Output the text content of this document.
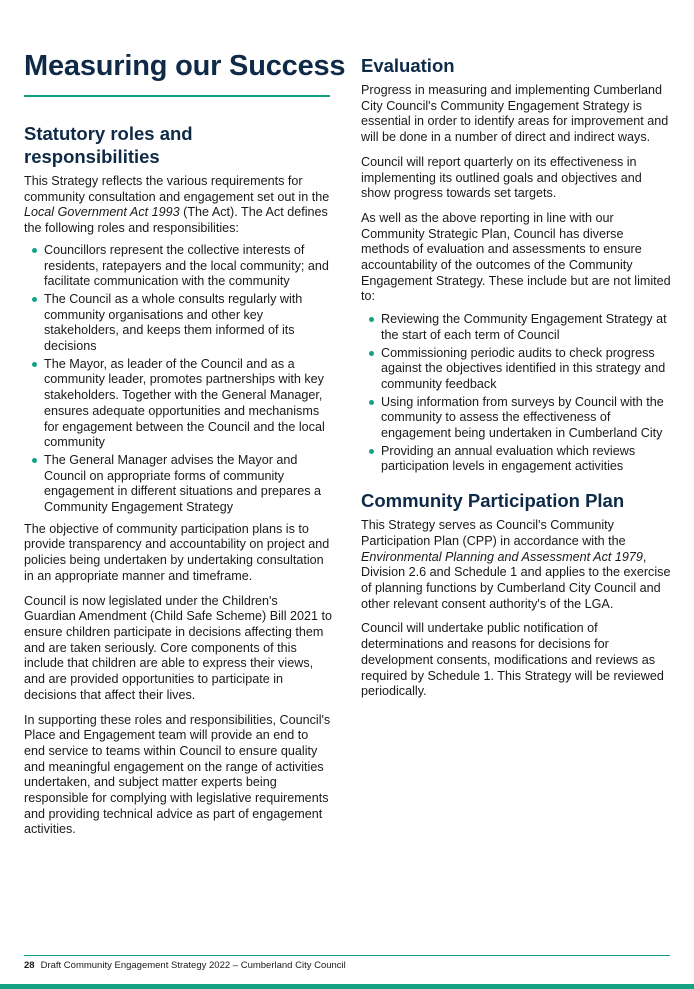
Measuring our Success
Statutory roles and responsibilities

This Strategy reflects the various requirements for community consultation and engagement set out in the Local Government Act 1993 (The Act). The Act defines the following roles and responsibilities:

Councillors represent the collective interests of residents, ratepayers and the local community; and facilitate communication with the community
The Council as a whole consults regularly with community organisations and other key stakeholders, and keeps them informed of its decisions
The Mayor, as leader of the Council and as a community leader, promotes partnerships with key stakeholders. Together with the General Manager, ensures adequate opportunities and mechanisms for engagement between the Council and the local community
The General Manager advises the Mayor and Council on appropriate forms of community engagement in different situations and prepares a Community Engagement Strategy

The objective of community participation plans is to provide transparency and accountability on project and policies being undertaken by undertaking consultation in an appropriate manner and timeframe.

Council is now legislated under the Children's Guardian Amendment (Child Safe Scheme) Bill 2021 to ensure children participate in decisions affecting them and are taken seriously. Core components of this include that children are able to express their views, and are provided opportunities to participate in decisions that affect their lives.

In supporting these roles and responsibilities, Council's Place and Engagement team will provide an end to end service to teams within Council to ensure quality and meaningful engagement on the range of activities undertaken, and subject matter experts being responsible for complying with legislative requirements and providing technical advice as part of engagement activities.

Evaluation

Progress in measuring and implementing Cumberland City Council's Community Engagement Strategy is essential in order to identify areas for improvement and will be done in a number of direct and indirect ways.

Council will report quarterly on its effectiveness in implementing its outlined goals and objectives and show progress towards set targets.

As well as the above reporting in line with our Community Strategic Plan, Council has diverse methods of evaluation and assessments to ensure accountability of the outcomes of the Community Engagement Strategy. These include but are not limited to:

Reviewing the Community Engagement Strategy at the start of each term of Council
Commissioning periodic audits to check progress against the objectives identified in this strategy and community feedback
Using information from surveys by Council with the community to assess the effectiveness of engagement being undertaken in Cumberland City
Providing an annual evaluation which reviews participation levels in engagement activities
Community Participation Plan

This Strategy serves as Council's Community Participation Plan (CPP) in accordance with the Environmental Planning and Assessment Act 1979, Division 2.6 and Schedule 1 and applies to the exercise of planning functions by Cumberland City Council and other relevant consent authority's of the LGA.

Council will undertake public notification of determinations and reasons for decisions for development consents, modifications and reviews as required by Schedule 1. This Strategy will be reviewed periodically.

28 Draft Community Engagement Strategy 2022 – Cumberland City Council
